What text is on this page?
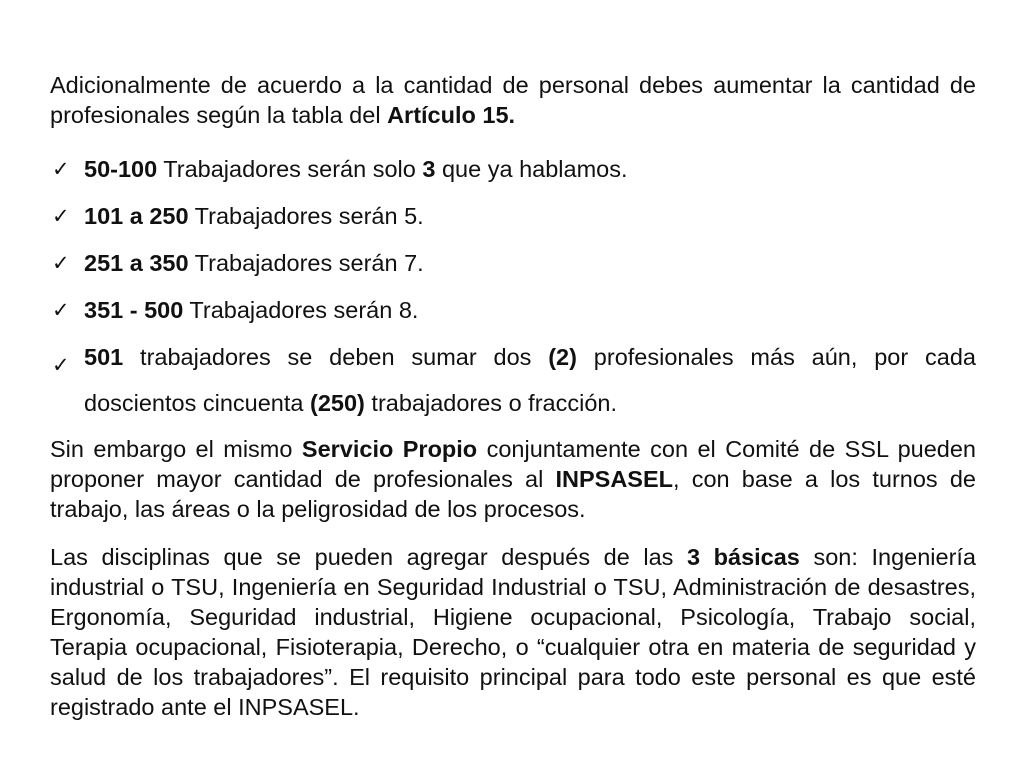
Adicionalmente de acuerdo a la cantidad de personal debes aumentar la cantidad de profesionales según la tabla del Artículo 15.

✓ 50-100 Trabajadores serán solo 3 que ya hablamos.
✓ 101 a 250 Trabajadores serán 5.
✓ 251 a 350 Trabajadores serán 7.
✓ 351 - 500 Trabajadores serán 8.
✓ 501 trabajadores se deben sumar dos (2) profesionales más aún, por cada doscientos cincuenta (250) trabajadores o fracción.

Sin embargo el mismo Servicio Propio conjuntamente con el Comité de SSL pueden proponer mayor cantidad de profesionales al INPSASEL, con base a los turnos de trabajo, las áreas o la peligrosidad de los procesos.

Las disciplinas que se pueden agregar después de las 3 básicas son: Ingeniería industrial o TSU, Ingeniería en Seguridad Industrial o TSU, Administración de desastres, Ergonomía, Seguridad industrial, Higiene ocupacional, Psicología, Trabajo social, Terapia ocupacional, Fisioterapia, Derecho, o “cualquier otra en materia de seguridad y salud de los trabajadores”. El requisito principal para todo este personal es que esté registrado ante el INPSASEL.
